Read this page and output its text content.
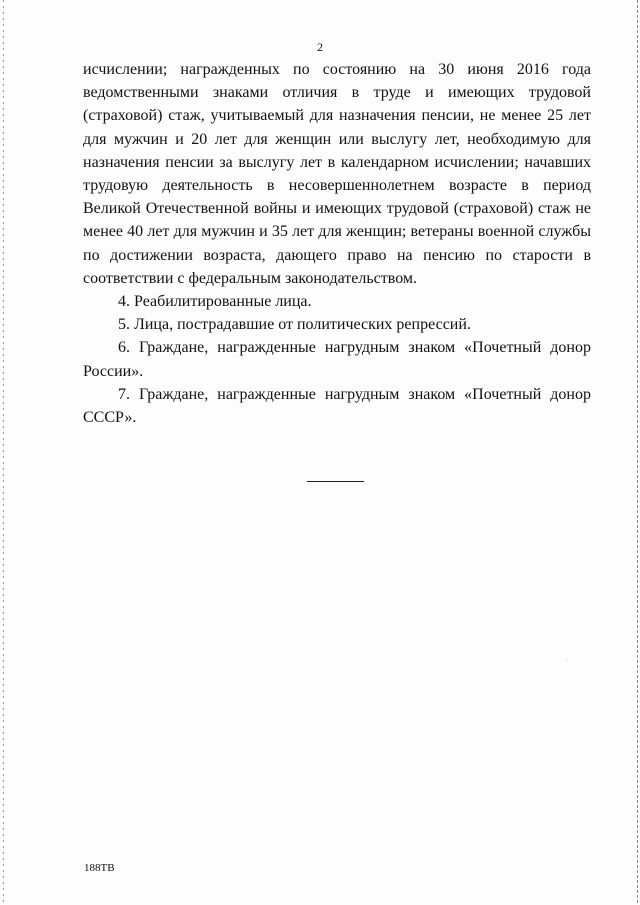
2

исчислении; награжденных по состоянию на 30 июня 2016 года ведомственными знаками отличия в труде и имеющих трудовой (страховой) стаж, учитываемый для назначения пенсии, не менее 25 лет для мужчин и 20 лет для женщин или выслугу лет, необходимую для назначения пенсии за выслугу лет в календарном исчислении; начавших трудовую деятельность в несовершеннолетнем возрасте в период Великой Отечественной войны и имеющих трудовой (страховой) стаж не менее 40 лет для мужчин и 35 лет для женщин; ветераны военной службы по достижении возраста, дающего право на пенсию по старости в соответствии с федеральным законодательством.

4. Реабилитированные лица.

5. Лица, пострадавшие от политических репрессий.

6. Граждане, награжденные нагрудным знаком «Почетный донор России».

7. Граждане, награжденные нагрудным знаком «Почетный донор СССР».

188ТВ
